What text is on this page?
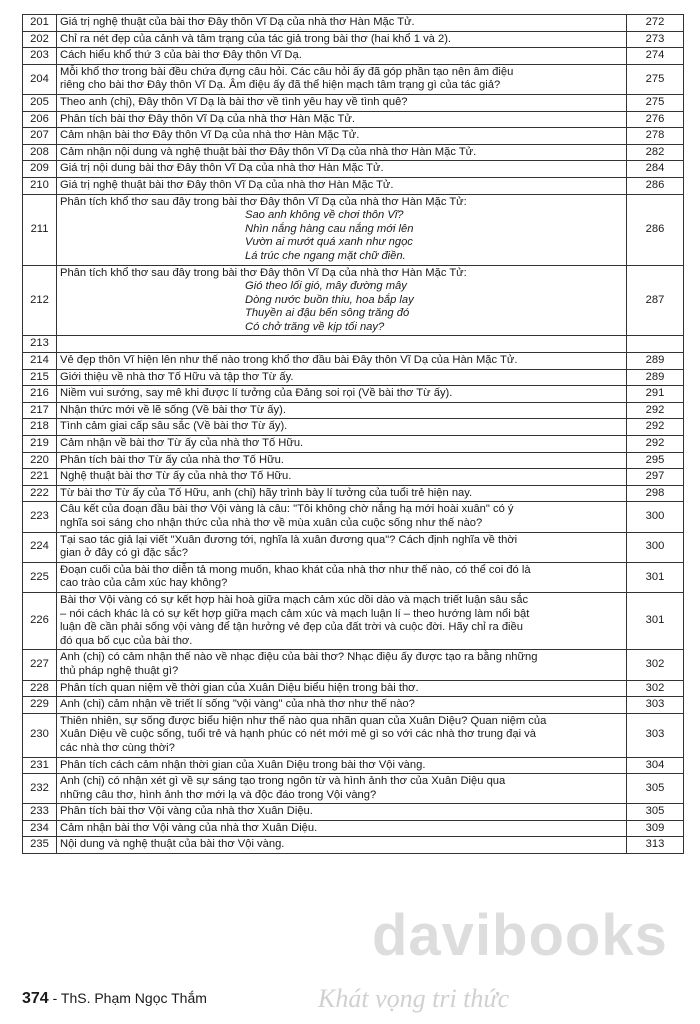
201	Giá trị nghệ thuật của bài thơ Đây thôn Vĩ Dạ của nhà thơ Hàn Mặc Tử.	272
202	Chỉ ra nét đẹp của cảnh và tâm trạng của tác giả trong bài thơ (hai khổ 1 và 2).	273
203	Cách hiểu khổ thứ 3 của bài thơ Đây thôn Vĩ Dạ.	274
204	Mỗi khổ thơ trong bài đều chứa đựng câu hỏi. Các câu hỏi ấy đã góp phần tạo nên âm điệu
riêng cho bài thơ Đây thôn Vĩ Dạ. Âm điệu ấy đã thể hiện mạch tâm trạng gì của tác giả?	275
205	Theo anh (chị), Đây thôn Vĩ Dạ là bài thơ về tình yêu hay về tình quê?	275
206	Phân tích bài thơ Đây thôn Vĩ Dạ của nhà thơ Hàn Mặc Tử.	276
207	Cảm nhận bài thơ Đây thôn Vĩ Dạ của nhà thơ Hàn Mặc Tử.	278
208	Cảm nhận nội dung và nghệ thuật bài thơ Đây thôn Vĩ Dạ của nhà thơ Hàn Mặc Tử.	282
209	Giá trị nội dung bài thơ Đây thôn Vĩ Dạ của nhà thơ Hàn Mặc Tử.	284
210	Giá trị nghệ thuật bài thơ Đây thôn Vĩ Dạ của nhà thơ Hàn Mặc Tử.	286
211	Phân tích khổ thơ sau đây trong bài thơ Đây thôn Vĩ Dạ của nhà thơ Hàn Mặc Tử:
Sao anh không về chơi thôn Vĩ?
Nhìn nắng hàng cau nắng mới lên
Vườn ai mướt quá xanh như ngọc
Lá trúc che ngang mặt chữ điền.	286
212	Phân tích khổ thơ sau đây trong bài thơ Đây thôn Vĩ Dạ của nhà thơ Hàn Mặc Tử:
Gió theo lối gió, mây đường mây
Dòng nước buồn thiu, hoa bắp lay
Thuyền ai đậu bến sông trăng đó
Có chở trăng về kịp tối nay?	287
213	

214	Vẻ đẹp thôn Vĩ hiện lên như thế nào trong khổ thơ đầu bài Đây thôn Vĩ Dạ của Hàn Mặc Tử.	289
215	Giới thiệu về nhà thơ Tố Hữu và tập thơ Từ ấy.	289
216	Niềm vui sướng, say mê khi được lí tưởng của Đảng soi rọi (Về bài thơ Từ ấy).	291
217	Nhận thức mới về lẽ sống (Về bài thơ Từ ấy).	292
218	Tình cảm giai cấp sâu sắc (Về bài thơ Từ ấy).	292
219	Cảm nhận về bài thơ Từ ấy của nhà thơ Tố Hữu.	292
220	Phân tích bài thơ Từ ấy của nhà thơ Tố Hữu.	295
221	Nghệ thuật bài thơ Từ ấy của nhà thơ Tố Hữu.	297
222	Từ bài thơ Từ ấy của Tố Hữu, anh (chị) hãy trình bày lí tưởng của tuổi trẻ hiện nay.	298
223	Câu kết của đoạn đầu bài thơ Vội vàng là câu: "Tôi không chờ nắng hạ mới hoài xuân" có ý
nghĩa soi sáng cho nhận thức của nhà thơ về mùa xuân của cuộc sống như thế nào?	300
224	Tại sao tác giả lại viết "Xuân đương tới, nghĩa là xuân đương qua"? Cách định nghĩa về thời
gian ở đây có gì đặc sắc?	300
225	Đoạn cuối của bài thơ diễn tả mong muốn, khao khát của nhà thơ như thế nào, có thể coi đó là
cao trào của cảm xúc hay không?	301
226	Bài thơ Vội vàng có sự kết hợp hài hoà giữa mạch cảm xúc dồi dào và mạch triết luận sâu sắc
– nói cách khác là có sự kết hợp giữa mạch cảm xúc và mạch luận lí – theo hướng làm nổi bật
luận đề cần phải sống vội vàng để tận hưởng vẻ đẹp của đất trời và cuộc đời. Hãy chỉ ra điều
đó qua bố cục của bài thơ.	301
227	Anh (chị) có cảm nhận thế nào về nhạc điệu của bài thơ? Nhạc điệu ấy được tạo ra bằng những
thủ pháp nghệ thuật gì?	302
228	Phân tích quan niệm về thời gian của Xuân Diệu biểu hiện trong bài thơ.	302
229	Anh (chị) cảm nhận về triết lí sống "vội vàng" của nhà thơ như thế nào?	303
230	Thiên nhiên, sự sống được biểu hiện như thế nào qua nhãn quan của Xuân Diệu? Quan niệm của
Xuân Diệu về cuộc sống, tuổi trẻ và hạnh phúc có nét mới mẻ gì so với các nhà thơ trung đại và
các nhà thơ cùng thời?	303
231	Phân tích cách cảm nhận thời gian của Xuân Diệu trong bài thơ Vội vàng.	304
232	Anh (chị) có nhận xét gì về sự sáng tạo trong ngôn từ và hình ảnh thơ của Xuân Diệu qua
những câu thơ, hình ảnh thơ mới lạ và độc đáo trong Vội vàng?	305
233	Phân tích bài thơ Vội vàng của nhà thơ Xuân Diệu.	305
234	Cảm nhận bài thơ Vội vàng của nhà thơ Xuân Diệu.	309
235	Nội dung và nghệ thuật của bài thơ Vội vàng.	313
374 - ThS. Phạm Ngọc Thắm
davibooks
Khát vọng tri thức
